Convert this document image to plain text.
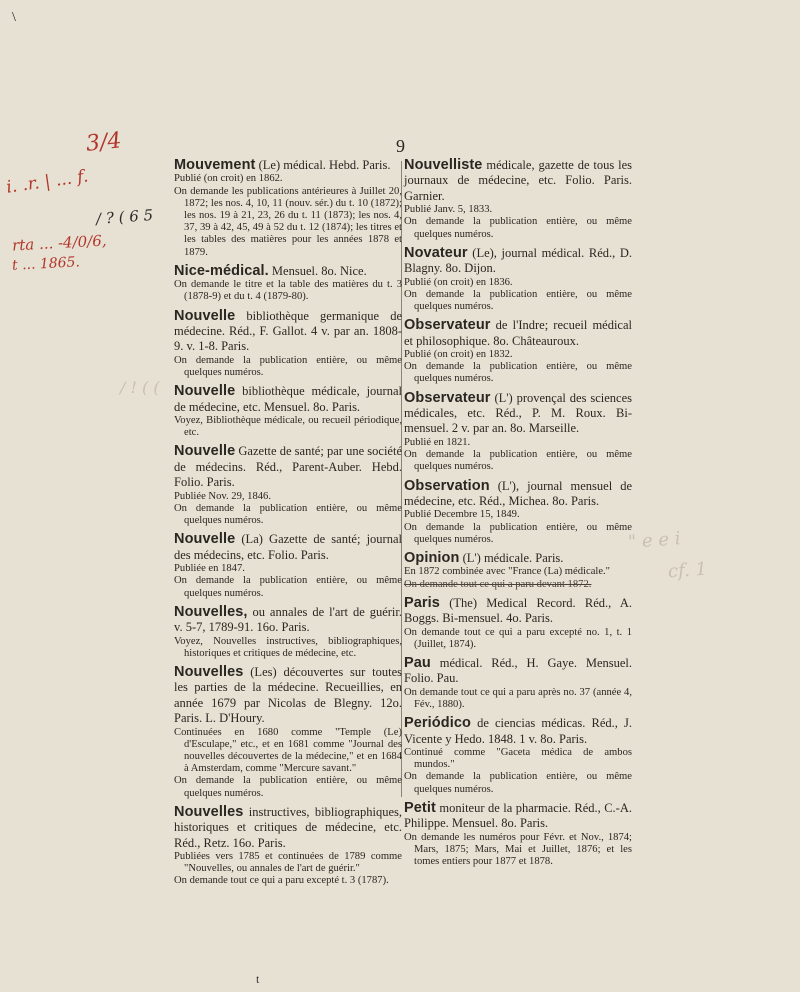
\
3/4
i. .r. | ... f.
/ ? ( 6 5
rta ... -4/0/6,
t ... 1865.
/ ! ( (
" e e i
cf. 1
9
Mouvement (Le) médical. Hebd. Paris.

Publié (on croit) en 1862.

On demande les publications antérieures à Juillet 20, 1872; les nos. 4, 10, 11 (nouv. sér.) du t. 10 (1872); les nos. 19 à 21, 23, 26 du t. 11 (1873); les nos. 4, 37, 39 à 42, 45, 49 à 52 du t. 12 (1874); les titres et les tables des matières pour les années 1878 et 1879.

Nice-médical. Mensuel. 8o. Nice.

On demande le titre et la table des matières du t. 3 (1878-9) et du t. 4 (1879-80).

Nouvelle bibliothèque germanique de médecine. Réd., F. Gallot. 4 v. par an. 1808-9. v. 1-8. Paris.

On demande la publication entière, ou même quelques numéros.

Nouvelle bibliothèque médicale, journal de médecine, etc. Mensuel. 8o. Paris.

Voyez, Bibliothèque médicale, ou recueil périodique, etc.

Nouvelle Gazette de santé; par une société de médecins. Réd., Parent-Auber. Hebd. Folio. Paris.

Publiée Nov. 29, 1846.

On demande la publication entière, ou même quelques numéros.

Nouvelle (La) Gazette de santé; journal des médecins, etc. Folio. Paris.

Publiée en 1847.

On demande la publication entière, ou même quelques numéros.

Nouvelles, ou annales de l'art de guérir. v. 5-7, 1789-91. 16o. Paris.

Voyez, Nouvelles instructives, bibliographiques, historiques et critiques de médecine, etc.

Nouvelles (Les) découvertes sur toutes les parties de la médecine. Recueillies, en année 1679 par Nicolas de Blegny. 12o. Paris. L. D'Houry.

Continuées en 1680 comme "Temple (Le) d'Esculape," etc., et en 1681 comme "Journal des nouvelles découvertes de la médecine," et en 1684 à Amsterdam, comme "Mercure savant."

On demande la publication entière, ou même quelques numéros.

Nouvelles instructives, bibliographiques, historiques et critiques de médecine, etc. Réd., Retz. 16o. Paris.

Publiées vers 1785 et continuées de 1789 comme "Nouvelles, ou annales de l'art de guérir."

On demande tout ce qui a paru excepté t. 3 (1787).

Nouvelliste médicale, gazette de tous les journaux de médecine, etc. Folio. Paris. Garnier.

Publié Janv. 5, 1833.

On demande la publication entière, ou même quelques numéros.

Novateur (Le), journal médical. Réd., D. Blagny. 8o. Dijon.

Publié (on croit) en 1836.

On demande la publication entière, ou même quelques numéros.

Observateur de l'Indre; recueil médical et philosophique. 8o. Châteauroux.

Publié (on croit) en 1832.

On demande la publication entière, ou même quelques numéros.

Observateur (L') provençal des sciences médicales, etc. Réd., P. M. Roux. Bi-mensuel. 2 v. par an. 8o. Marseille.

Publié en 1821.

On demande la publication entière, ou même quelques numéros.

Observation (L'), journal mensuel de médecine, etc. Réd., Michea. 8o. Paris.

Publié Decembre 15, 1849.

On demande la publication entière, ou même quelques numéros.

Opinion (L') médicale. Paris.

En 1872 combinée avec "France (La) médicale."

On demande tout ce qui a paru devant 1872.

Paris (The) Medical Record. Réd., A. Boggs. Bi-mensuel. 4o. Paris.

On demande tout ce qui a paru excepté no. 1, t. 1 (Juillet, 1874).

Pau médical. Réd., H. Gaye. Mensuel. Folio. Pau.

On demande tout ce qui a paru après no. 37 (année 4, Fév., 1880).

Periódico de ciencias médicas. Réd., J. Vicente y Hedo. 1848. 1 v. 8o. Paris.

Continué comme "Gaceta médica de ambos mundos."

On demande la publication entière, ou même quelques numéros.

Petit moniteur de la pharmacie. Réd., C.-A. Philippe. Mensuel. 8o. Paris.

On demande les numéros pour Févr. et Nov., 1874; Mars, 1875; Mars, Mai et Juillet, 1876; et les tomes entiers pour 1877 et 1878.

t
